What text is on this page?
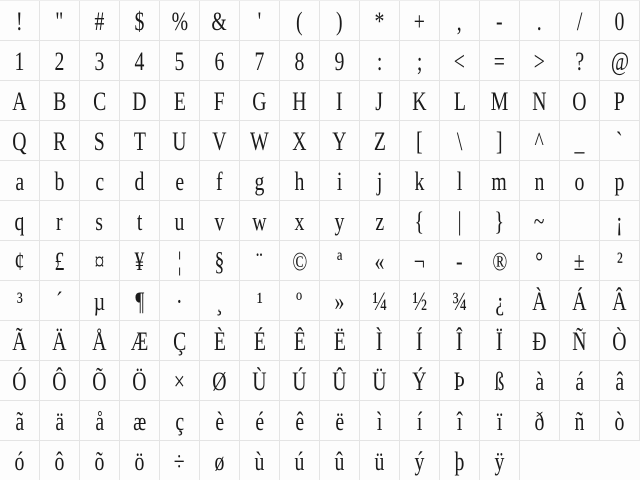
! " # $ % & ' ( ) * + , - . / 0
1 2 3 4 5 6 7 8 9 : ; < = > ? @
A B C D E F G H I J K L M N O P
Q R S T U V W X Y Z [ \ ] ^ _ `
a b c d e f g h i j k l m n o p
q r s t u v w x y z { | } ~	¡
¢ £ ¤ ¥ ¦ § ¨ © ª « ¬ - ® ° ± ²
³ ´ µ ¶ · ¸ ¹ º » ¼ ½ ¾ ¿ À Á Â
Ã Ä Å Æ Ç È É Ê Ë Ì Í Î Ï Ð Ñ Ò
Ó Ô Õ Ö × Ø Ù Ú Û Ü Ý Þ ß à á â
ã ä å æ ç è é ê ë ì í î ï ð ñ ò
ó ô õ ö ÷ ø ù ú û ü ý þ ÿ
